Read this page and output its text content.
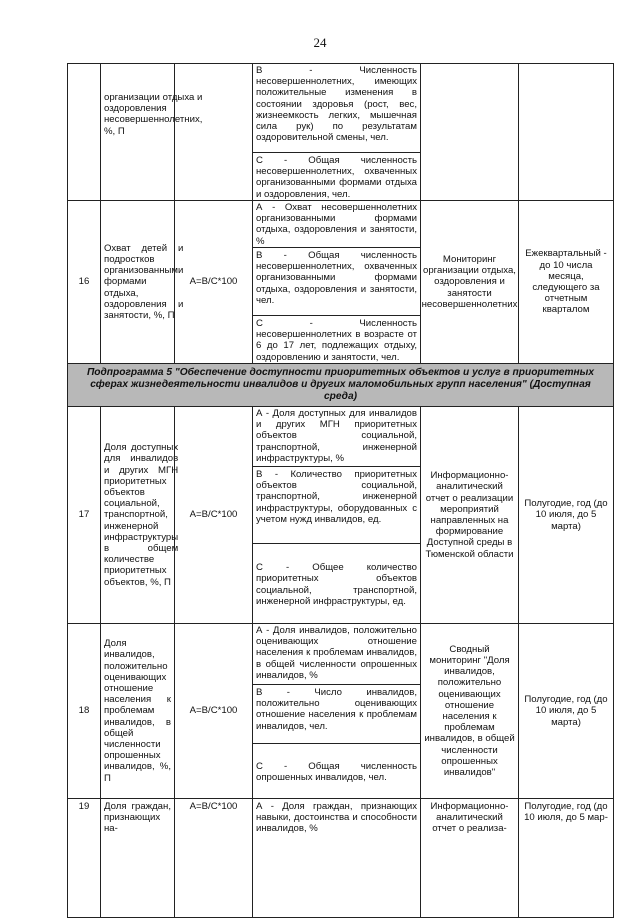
24
организации отдыха и оздоровления несовершеннолетних, %, П
В - Численность несовершеннолетних, имеющих положительные изменения в состоянии здоровья (рост, вес, жизнеемкость легких, мышечная сила рук) по результатам оздоровительной смены, чел.
С - Общая численность несовершеннолетних, охваченных организованными формами отдыха и оздоровления, чел.
16
Охват детей и подростков организованными формами отдыха, оздоровления и занятости, %, П
А=В/С*100
А - Охват несовершеннолетних организованными формами отдыха, оздоровления и занятости, %
В - Общая численность несовершеннолетних, охваченных организованными формами отдыха, оздоровления и занятости, чел.
С - Численность несовершеннолетних в возрасте от 6 до 17 лет, подлежащих отдыху, оздоровлению и занятости, чел.
Мониторинг организации отдыха, оздоровления и занятости несовершеннолетних
Ежеквартальный - до 10 числа месяца, следующего за отчетным кварталом
Подпрограмма 5 "Обеспечение доступности приоритетных объектов и услуг в приоритетных сферах жизнедеятельности инвалидов и других маломобильных групп населения" (Доступная среда)
17
Доля доступных для инвалидов и других МГН приоритетных объектов социальной, транспортной, инженерной инфраструктуры в общем количестве приоритетных объектов, %, П
А=В/С*100
А - Доля доступных для инвалидов и других МГН приоритетных объектов социальной, транспортной, инженерной инфраструктуры, %
В - Количество приоритетных объектов социальной, транспортной, инженерной инфраструктуры, оборудованных с учетом нужд инвалидов, ед.
С - Общее количество приоритетных объектов социальной, транспортной, инженерной инфраструктуры, ед.
Информационно-аналитический отчет о реализации мероприятий направленных на формирование Доступной среды в Тюменской области
Полугодие, год (до 10 июля, до 5 марта)
18
Доля инвалидов, положительно оценивающих отношение населения к проблемам инвалидов, в общей численности опрошенных инвалидов, %, П
А=В/С*100
А - Доля инвалидов, положительно оценивающих отношение населения к проблемам инвалидов, в общей численности опрошенных инвалидов, %
В - Число инвалидов, положительно оценивающих отношение населения к проблемам инвалидов, чел.
С - Общая численность опрошенных инвалидов, чел.
Сводный мониторинг "Доля инвалидов, положительно оценивающих отношение населения к проблемам инвалидов, в общей численности опрошенных инвалидов"
Полугодие, год (до 10 июля, до 5 марта)
19	Доля граждан, признающих на-
А=В/С*100	А - Доля граждан, признающих навыки, достоинства и способности инвалидов, %
Информационно-аналитический отчет о реализа-
Полугодие, год (до 10 июля, до 5 мар-
